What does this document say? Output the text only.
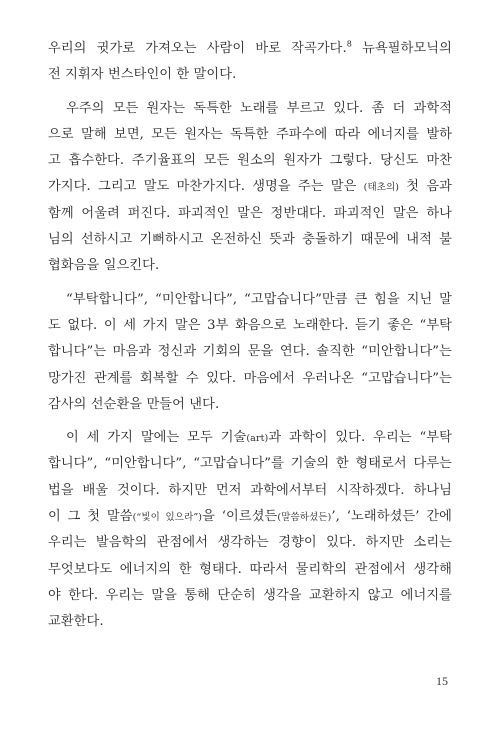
우리의 귓가로 가져오는 사람이 바로 작곡가다.$^8$ 뉴욕필하모닉의
전 지휘자 번스타인이 한 말이다.
우주의 모든 원자는 독특한 노래를 부르고 있다. 좀 더 과학적
으로 말해 보면, 모든 원자는 독특한 주파수에 따라 에너지를 발하
고 흡수한다. 주기율표의 모든 원소의 원자가 그렇다. 당신도 마찬
가지다. 그리고 말도 마찬가지다. 생명을 주는 말은 (태초의) 첫 음과
함께 어울려 퍼진다. 파괴적인 말은 정반대다. 파괴적인 말은 하나
님의 선하시고 기뻐하시고 온전하신 뜻과 충돌하기 때문에 내적 불
협화음을 일으킨다.
“부탁합니다”, “미안합니다”, “고맙습니다”만큼 큰 힘을 지닌 말
도 없다. 이 세 가지 말은 3부 화음으로 노래한다. 듣기 좋은 “부탁
합니다”는 마음과 정신과 기회의 문을 연다. 솔직한 “미안합니다”는
망가진 관계를 회복할 수 있다. 마음에서 우러나온 “고맙습니다”는
감사의 선순환을 만들어 낸다.
이 세 가지 말에는 모두 기술(art)과 과학이 있다. 우리는 “부탁
합니다”, “미안합니다”, “고맙습니다”를 기술의 한 형태로서 다루는
법을 배울 것이다. 하지만 먼저 과학에서부터 시작하겠다. 하나님
이 그 첫 말씀(“빛이 있으라”)을 ‘이르셨든(말씀하셨든)’, ‘노래하셨든’ 간에
우리는 발음학의 관점에서 생각하는 경향이 있다. 하지만 소리는
무엇보다도 에너지의 한 형태다. 따라서 물리학의 관점에서 생각해
야 한다. 우리는 말을 통해 단순히 생각을 교환하지 않고 에너지를
교환한다.
15
